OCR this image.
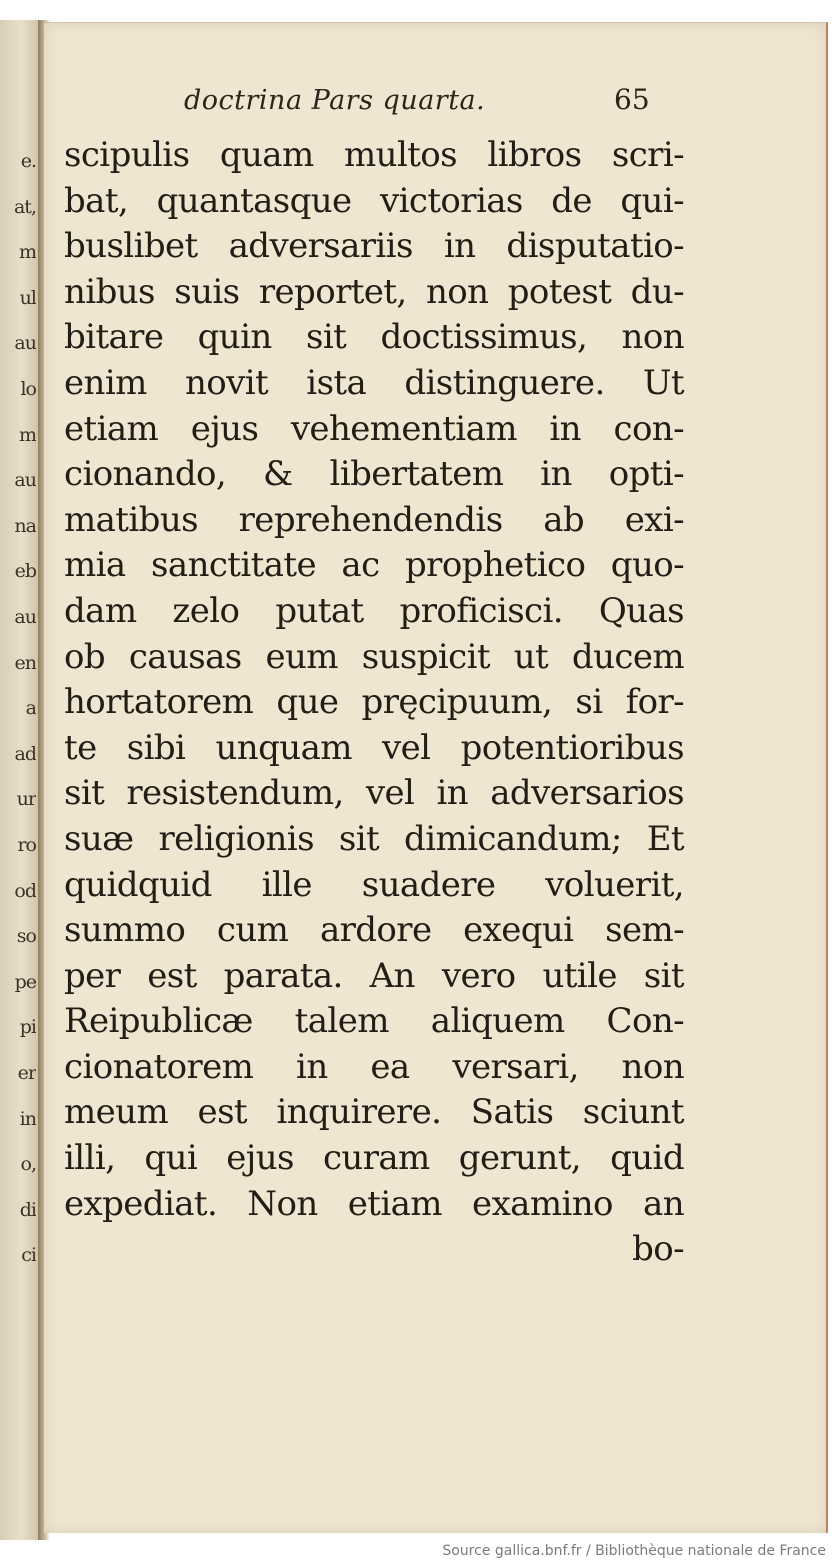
e.
at,
m
ul
au
lo
m
au
na
eb
au
en
a
ad
ur
ro
od
so
pe
pi
er
in
o,
di
ci
doctrina Pars quarta.	65
scipulis quam multos libros scri-
bat, quantasque victorias de qui-
buslibet adversariis in disputatio-
nibus suis reportet, non potest du-
bitare quin sit doctissimus, non
enim novit ista distinguere. Ut
etiam ejus vehementiam in con-
cionando, & libertatem in opti-
matibus reprehendendis ab exi-
mia sanctitate ac prophetico quo-
dam zelo putat proficisci. Quas
ob causas eum suspicit ut ducem
hortatorem que pręcipuum, si for-
te sibi unquam vel potentioribus
sit resistendum, vel in adversarios
suæ religionis sit dimicandum; Et
quidquid ille suadere voluerit,
summo cum ardore exequi sem-
per est parata. An vero utile sit
Reipublicæ talem aliquem Con-
cionatorem in ea versari, non
meum est inquirere. Satis sciunt
illi, qui ejus curam gerunt, quid
expediat. Non etiam examino an
bo-
Source gallica.bnf.fr / Bibliothèque nationale de France
